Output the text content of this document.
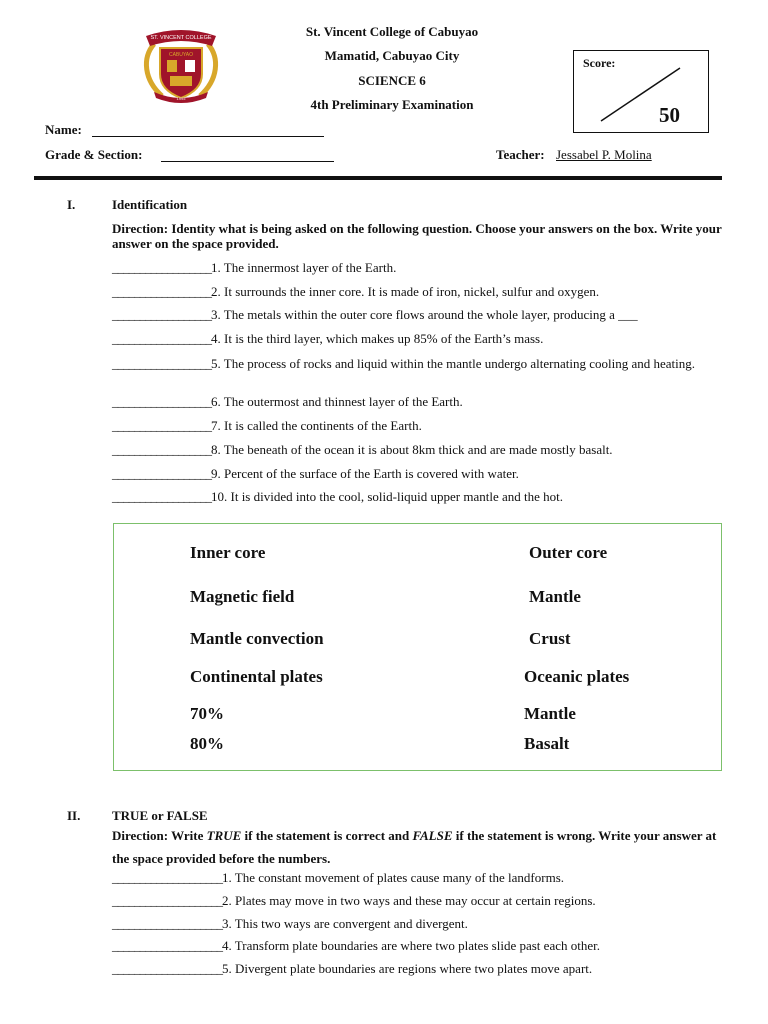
ST. VINCENT COLLEGE
CABUYAO
1995
St. Vincent College of Cabuyao
Mamatid, Cabuyao City
SCIENCE 6
4th Preliminary Examination
Score:
50
Name:
Grade & Section:	Teacher: Jessabel P. Molina
I.	Identification
Direction: Identity what is being asked on the following question. Choose your answers on the box. Write your answer on the space provided.
__________________1. The innermost layer of the Earth.
__________________2. It surrounds the inner core. It is made of iron, nickel, sulfur and oxygen.
__________________3. The metals within the outer core flows around the whole layer, producing a ___
__________________4. It is the third layer, which makes up 85% of the Earth’s mass.
__________________5. The process of rocks and liquid within the mantle undergo alternating cooling and heating.
__________________6. The outermost and thinnest layer of the Earth.
__________________7. It is called the continents of the Earth.
__________________8. The beneath of the ocean it is about 8km thick and are made mostly basalt.
__________________9. Percent of the surface of the Earth is covered with water.
__________________10. It is divided into the cool, solid-liquid upper mantle and the hot.
Inner core
Magnetic field
Mantle convection
Continental plates
70%
80%
Outer core
Mantle
Crust
Oceanic plates
Mantle
Basalt
II. TRUE or FALSE
Direction: Write TRUE if the statement is correct and FALSE if the statement is wrong. Write your answer at the space provided before the numbers.
____________________1. The constant movement of plates cause many of the landforms.
____________________2. Plates may move in two ways and these may occur at certain regions.
____________________3. This two ways are convergent and divergent.
____________________4. Transform plate boundaries are where two plates slide past each other.
____________________5. Divergent plate boundaries are regions where two plates move apart.
